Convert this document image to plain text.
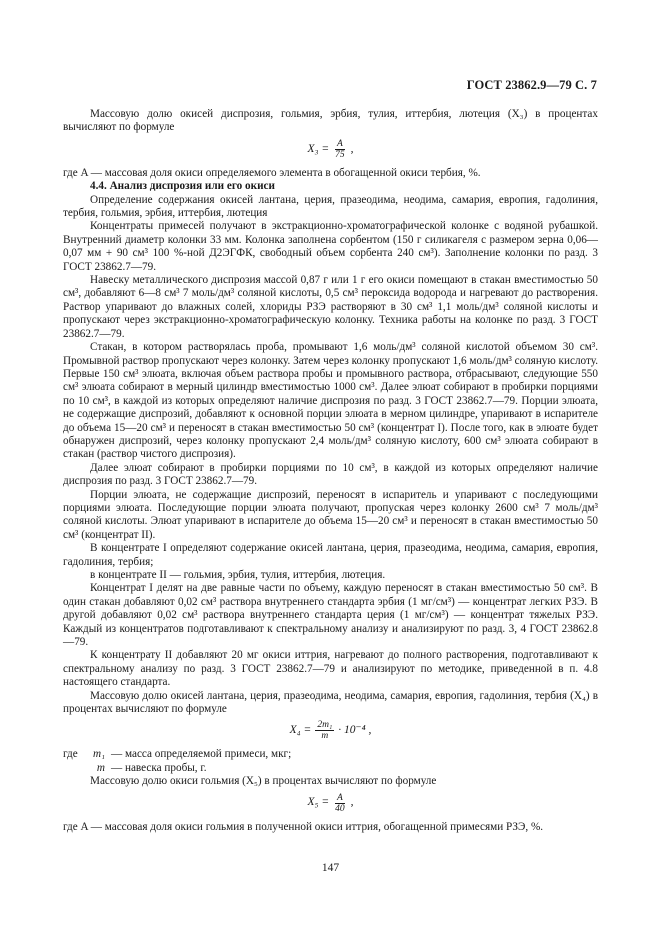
ГОСТ 23862.9—79 С. 7

Массовую долю окисей диспрозия, гольмия, эрбия, тулия, иттербия, лютеция (X₃) в процентах вычисляют по формуле

$X_3 = \frac{A}{75}$ ,

где A — массовая доля окиси определяемого элемента в обогащенной окиси тербия, %.

4.4. Анализ диспрозия или его окиси

Определение содержания окисей лантана, церия, празеодима, неодима, самария, европия, гадолиния, тербия, гольмия, эрбия, иттербия, лютеция

Концентраты примесей получают в экстракционно-хроматографической колонке с водяной рубашкой. Внутренний диаметр колонки 33 мм. Колонка заполнена сорбентом (150 г силикагеля с размером зерна 0,06—0,07 мм + 90 см³ 100 %-ной Д2ЭГФК, свободный объем сорбента 240 см³). Заполнение колонки по разд. 3 ГОСТ 23862.7—79.

Навеску металлического диспрозия массой 0,87 г или 1 г его окиси помещают в стакан вместимостью 50 см³, добавляют 6—8 см³ 7 моль/дм³ соляной кислоты, 0,5 см³ пероксида водорода и нагревают до растворения. Раствор упаривают до влажных солей, хлориды РЗЭ растворяют в 30 см³ 1,1 моль/дм³ соляной кислоты и пропускают через экстракционно-хроматографическую колонку. Техника работы на колонке по разд. 3 ГОСТ 23862.7—79.

Стакан, в котором растворялась проба, промывают 1,6 моль/дм³ соляной кислотой объемом 30 см³. Промывной раствор пропускают через колонку. Затем через колонку пропускают 1,6 моль/дм³ соляную кислоту. Первые 150 см³ элюата, включая объем раствора пробы и промывного раствора, отбрасывают, следующие 550 см³ элюата собирают в мерный цилиндр вместимостью 1000 см³. Далее элюат собирают в пробирки порциями по 10 см³, в каждой из которых определяют наличие диспрозия по разд. 3 ГОСТ 23862.7—79. Порции элюата, не содержащие диспрозий, добавляют к основной порции элюата в мерном цилиндре, упаривают в испарителе до объема 15—20 см³ и переносят в стакан вместимостью 50 см³ (концентрат I). После того, как в элюате будет обнаружен диспрозий, через колонку пропускают 2,4 моль/дм³ соляную кислоту, 600 см³ элюата собирают в стакан (раствор чистого диспрозия).

Далее элюат собирают в пробирки порциями по 10 см³, в каждой из которых определяют наличие диспрозия по разд. 3 ГОСТ 23862.7—79.

Порции элюата, не содержащие диспрозий, переносят в испаритель и упаривают с последующими порциями элюата. Последующие порции элюата получают, пропуская через колонку 2600 см³ 7 моль/дм³ соляной кислоты. Элюат упаривают в испарителе до объема 15—20 см³ и переносят в стакан вместимостью 50 см³ (концентрат II).

В концентрате I определяют содержание окисей лантана, церия, празеодима, неодима, самария, европия, гадолиния, тербия;

в концентрате II — гольмия, эрбия, тулия, иттербия, лютеция.

Концентрат I делят на две равные части по объему, каждую переносят в стакан вместимостью 50 см³. В один стакан добавляют 0,02 см³ раствора внутреннего стандарта эрбия (1 мг/см³) — концентрат легких РЗЭ. В другой добавляют 0,02 см³ раствора внутреннего стандарта церия (1 мг/см³) — концентрат тяжелых РЗЭ. Каждый из концентратов подготавливают к спектральному анализу и анализируют по разд. 3, 4 ГОСТ 23862.8—79.

К концентрату II добавляют 20 мг окиси иттрия, нагревают до полного растворения, подготавливают к спектральному анализу по разд. 3 ГОСТ 23862.7—79 и анализируют по методике, приведенной в п. 4.8 настоящего стандарта.

Массовую долю окисей лантана, церия, празеодима, неодима, самария, европия, гадолиния, тербия (X₄) в процентах вычисляют по формуле

$X_4 = \frac{\text{2m₁}}{m} \cdot 10^{-4}$ ,
где	m₁ — масса определяемой примеси, мкг;
m — навеска пробы, г.

Массовую долю окиси гольмия (X₅) в процентах вычисляют по формуле

$X_5 = \frac{A}{40}$ ,

где A — массовая доля окиси гольмия в полученной окиси иттрия, обогащенной примесями РЗЭ, %.

147
